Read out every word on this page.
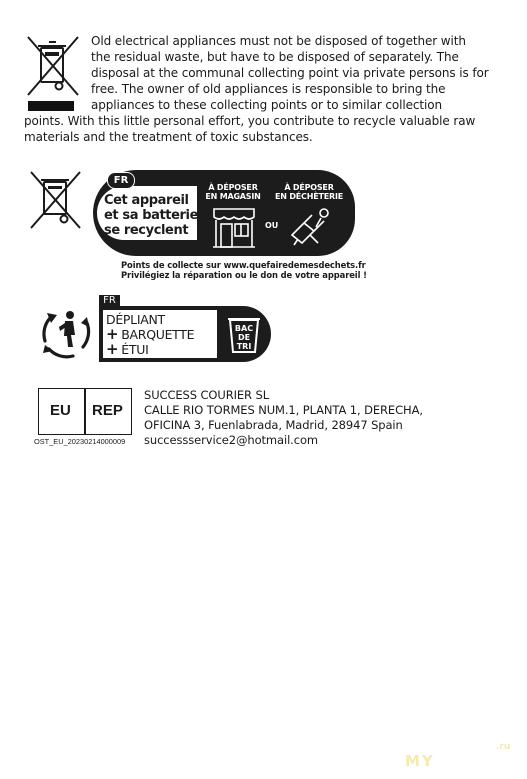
Old electrical appliances must not be disposed of together with
the residual waste, but have to be disposed of separately. The
disposal at the communal collecting point via private persons is for
free. The owner of old appliances is responsible to bring the
appliances to these collecting points or to similar collection
points. With this little personal effort, you contribute to recycle valuable raw
materials and the treatment of toxic substances.
FR
Cet appareil
et sa batterie
se recyclent
À DÉPOSER
EN MAGASIN
À DÉPOSER
EN DÉCHÈTERIE
OU
Points de collecte sur www.quefairedemesdechets.fr
Privilégiez la réparation ou le don de votre appareil !
FR
DÉPLIANT
+ BARQUETTE
+ ÉTUI
BAC
DE
TRI
EU REP
OST_EU_20230214000009
SUCCESS COURIER SL
CALLE RIO TORMES NUM.1, PLANTA 1, DERECHA,
OFICINA 3, Fuenlabrada, Madrid, 28947 Spain
successservice2@hotmail.com
MY
.ru
